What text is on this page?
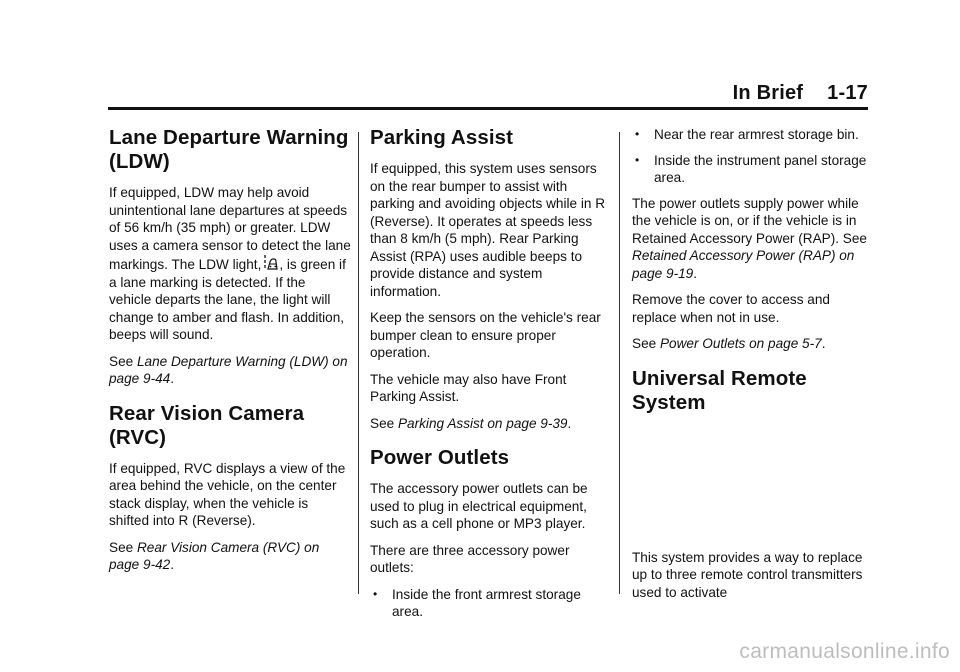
In Brief 1-17
Lane Departure Warning (LDW)

If equipped, LDW may help avoid unintentional lane departures at speeds of 56 km/h (35 mph) or greater. LDW uses a camera sensor to detect the lane markings. The LDW light, , is green if a lane marking is detected. If the vehicle departs the lane, the light will change to amber and flash. In addition, beeps will sound.

See Lane Departure Warning (LDW) on page 9-44.

Rear Vision Camera (RVC)

If equipped, RVC displays a view of the area behind the vehicle, on the center stack display, when the vehicle is shifted into R (Reverse).

See Rear Vision Camera (RVC) on page 9-42.

Parking Assist

If equipped, this system uses sensors on the rear bumper to assist with parking and avoiding objects while in R (Reverse). It operates at speeds less than 8 km/h (5 mph). Rear Parking Assist (RPA) uses audible beeps to provide distance and system information.

Keep the sensors on the vehicle's rear bumper clean to ensure proper operation.

The vehicle may also have Front Parking Assist.

See Parking Assist on page 9-39.

Power Outlets

The accessory power outlets can be used to plug in electrical equipment, such as a cell phone or MP3 player.

There are three accessory power outlets:

• Inside the front armrest storage area.
• Near the rear armrest storage bin.
• Inside the instrument panel storage area.

The power outlets supply power while the vehicle is on, or if the vehicle is in Retained Accessory Power (RAP). See Retained Accessory Power (RAP) on page 9-19.

Remove the cover to access and replace when not in use.

See Power Outlets on page 5-7.

Universal Remote System

This system provides a way to replace up to three remote control transmitters used to activate

carmanualsonline.info
